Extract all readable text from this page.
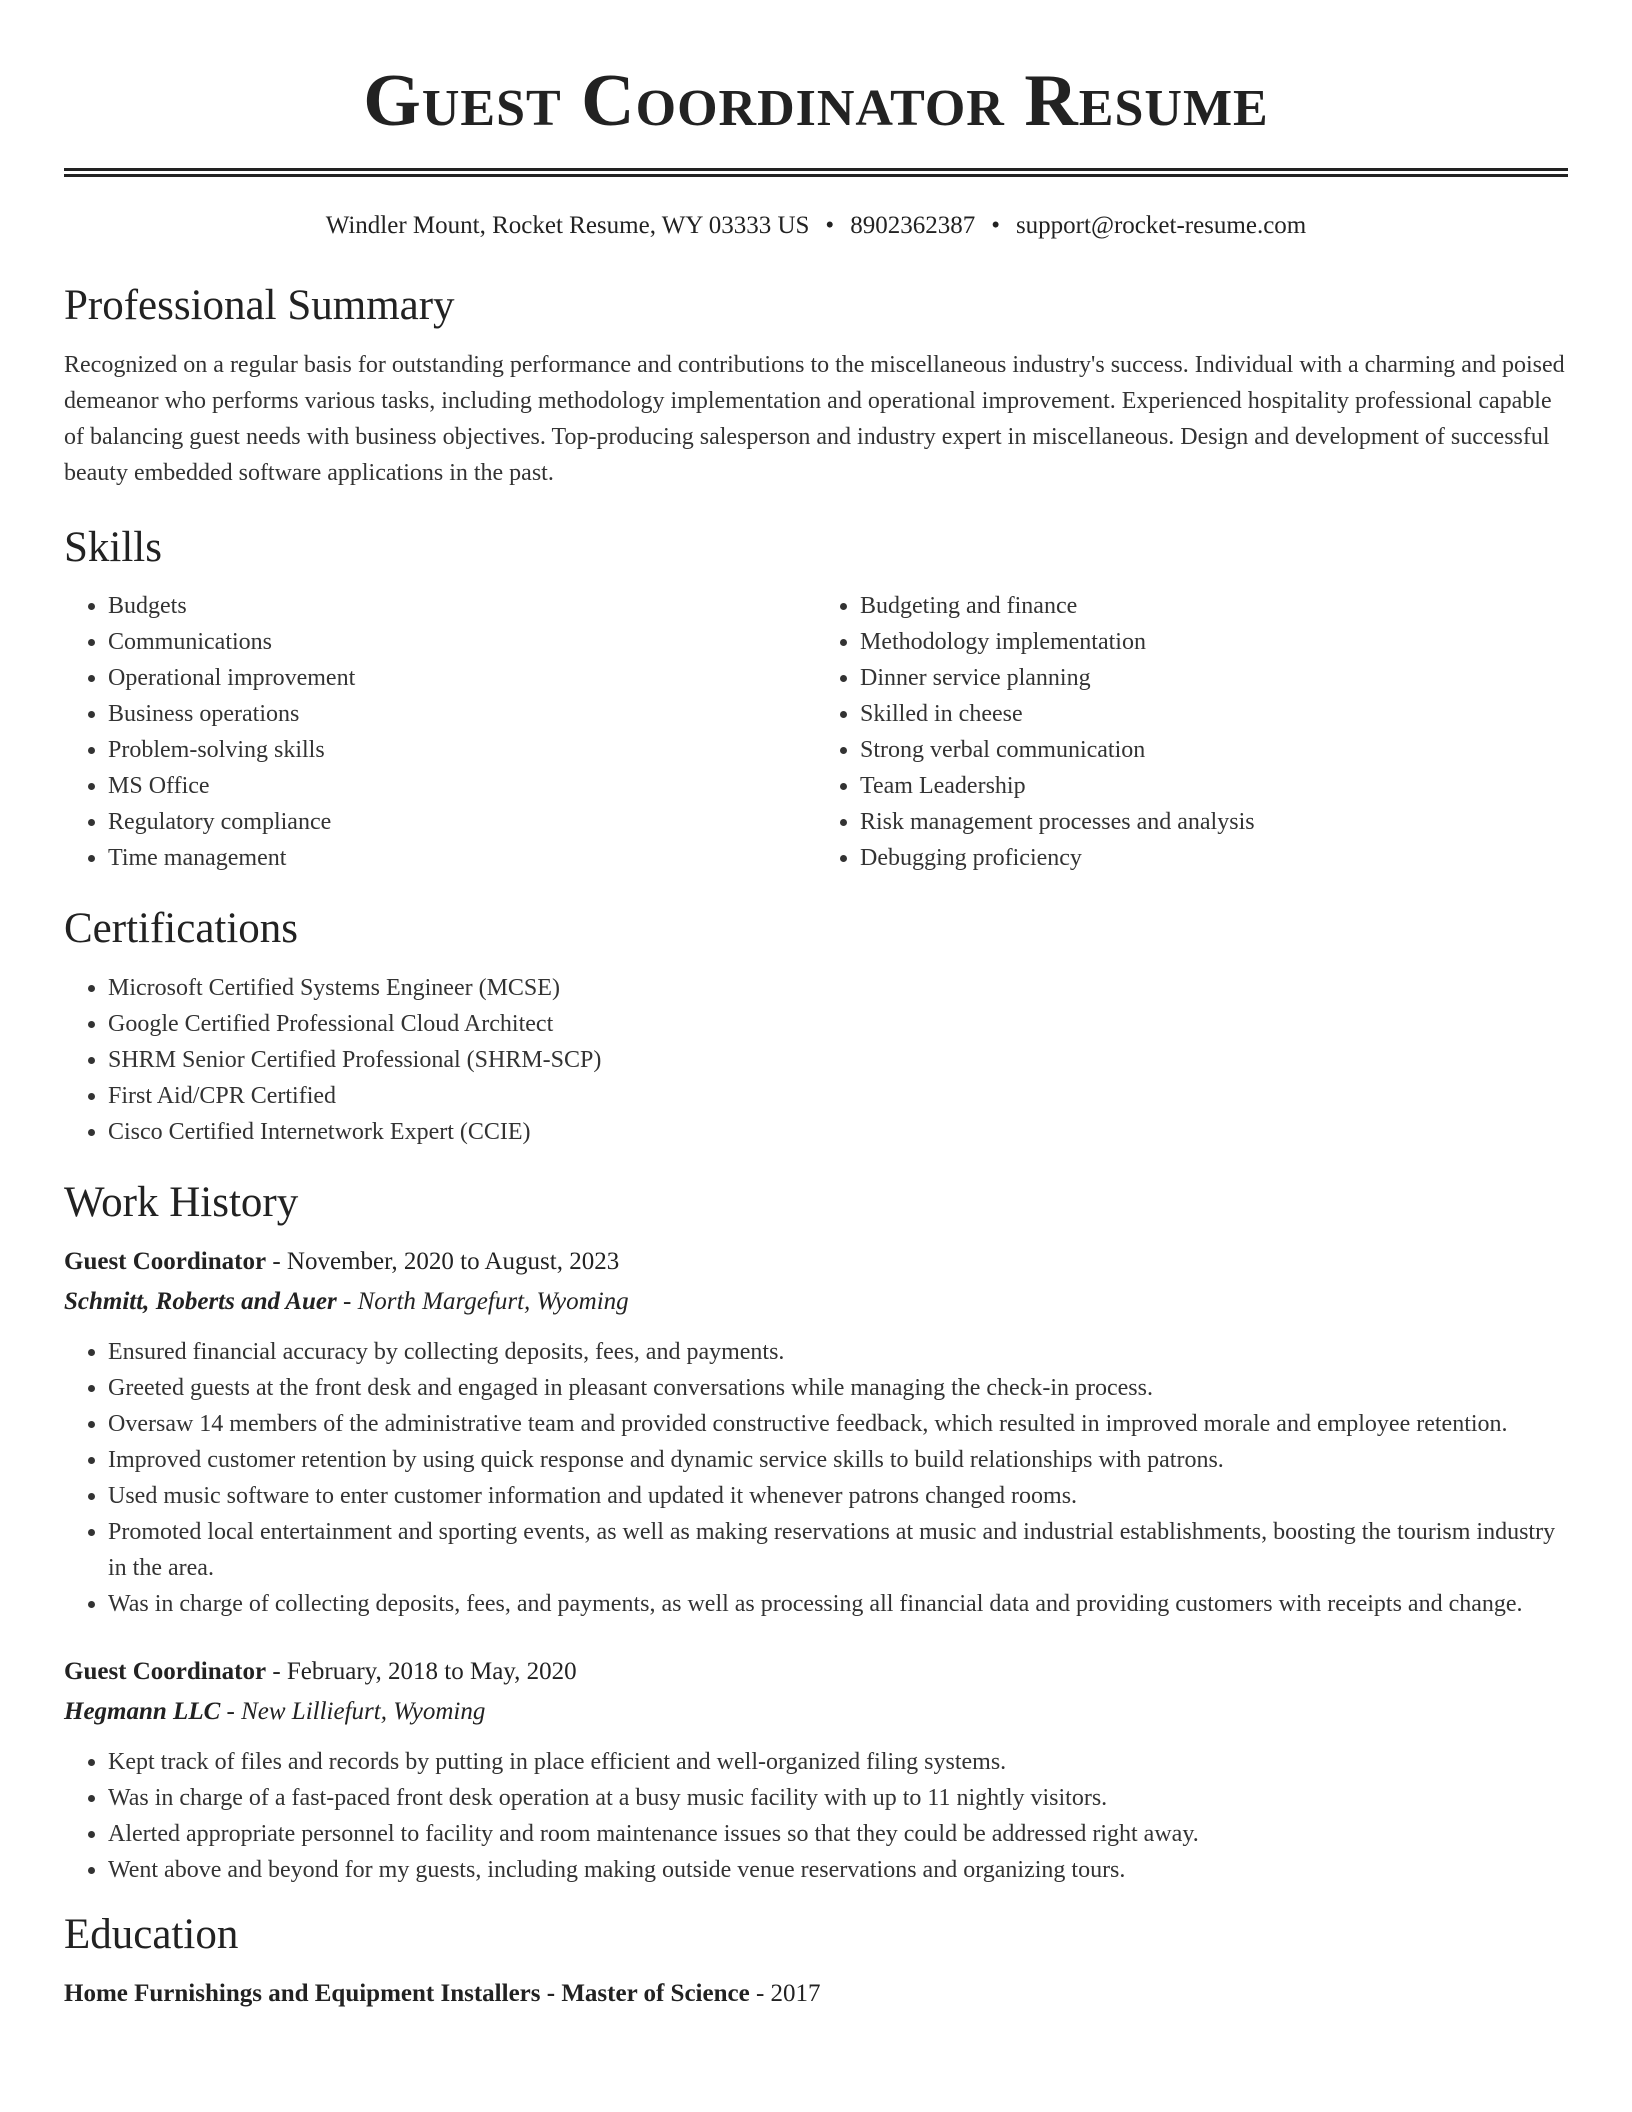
Guest Coordinator Resume
Windler Mount, Rocket Resume, WY 03333 US • 8902362387 • support@rocket-resume.com
Professional Summary
Recognized on a regular basis for outstanding performance and contributions to the miscellaneous industry's success. Individual with a charming and poised demeanor who performs various tasks, including methodology implementation and operational improvement. Experienced hospitality professional capable of balancing guest needs with business objectives. Top-producing salesperson and industry expert in miscellaneous. Design and development of successful beauty embedded software applications in the past.
Skills
• Budgets
• Communications
• Operational improvement
• Business operations
• Problem-solving skills
• MS Office
• Regulatory compliance
• Time management
• Budgeting and finance
• Methodology implementation
• Dinner service planning
• Skilled in cheese
• Strong verbal communication
• Team Leadership
• Risk management processes and analysis
• Debugging proficiency
Certifications
• Microsoft Certified Systems Engineer (MCSE)
• Google Certified Professional Cloud Architect
• SHRM Senior Certified Professional (SHRM-SCP)
• First Aid/CPR Certified
• Cisco Certified Internetwork Expert (CCIE)
Work History
Guest Coordinator - November, 2020 to August, 2023
Schmitt, Roberts and Auer - North Margefurt, Wyoming
• Ensured financial accuracy by collecting deposits, fees, and payments.
• Greeted guests at the front desk and engaged in pleasant conversations while managing the check-in process.
• Oversaw 14 members of the administrative team and provided constructive feedback, which resulted in improved morale and employee retention.
• Improved customer retention by using quick response and dynamic service skills to build relationships with patrons.
• Used music software to enter customer information and updated it whenever patrons changed rooms.
• Promoted local entertainment and sporting events, as well as making reservations at music and industrial establishments, boosting the tourism industry in the area.
• Was in charge of collecting deposits, fees, and payments, as well as processing all financial data and providing customers with receipts and change.
Guest Coordinator - February, 2018 to May, 2020
Hegmann LLC - New Lilliefurt, Wyoming
• Kept track of files and records by putting in place efficient and well-organized filing systems.
• Was in charge of a fast-paced front desk operation at a busy music facility with up to 11 nightly visitors.
• Alerted appropriate personnel to facility and room maintenance issues so that they could be addressed right away.
• Went above and beyond for my guests, including making outside venue reservations and organizing tours.
Education
Home Furnishings and Equipment Installers - Master of Science - 2017
